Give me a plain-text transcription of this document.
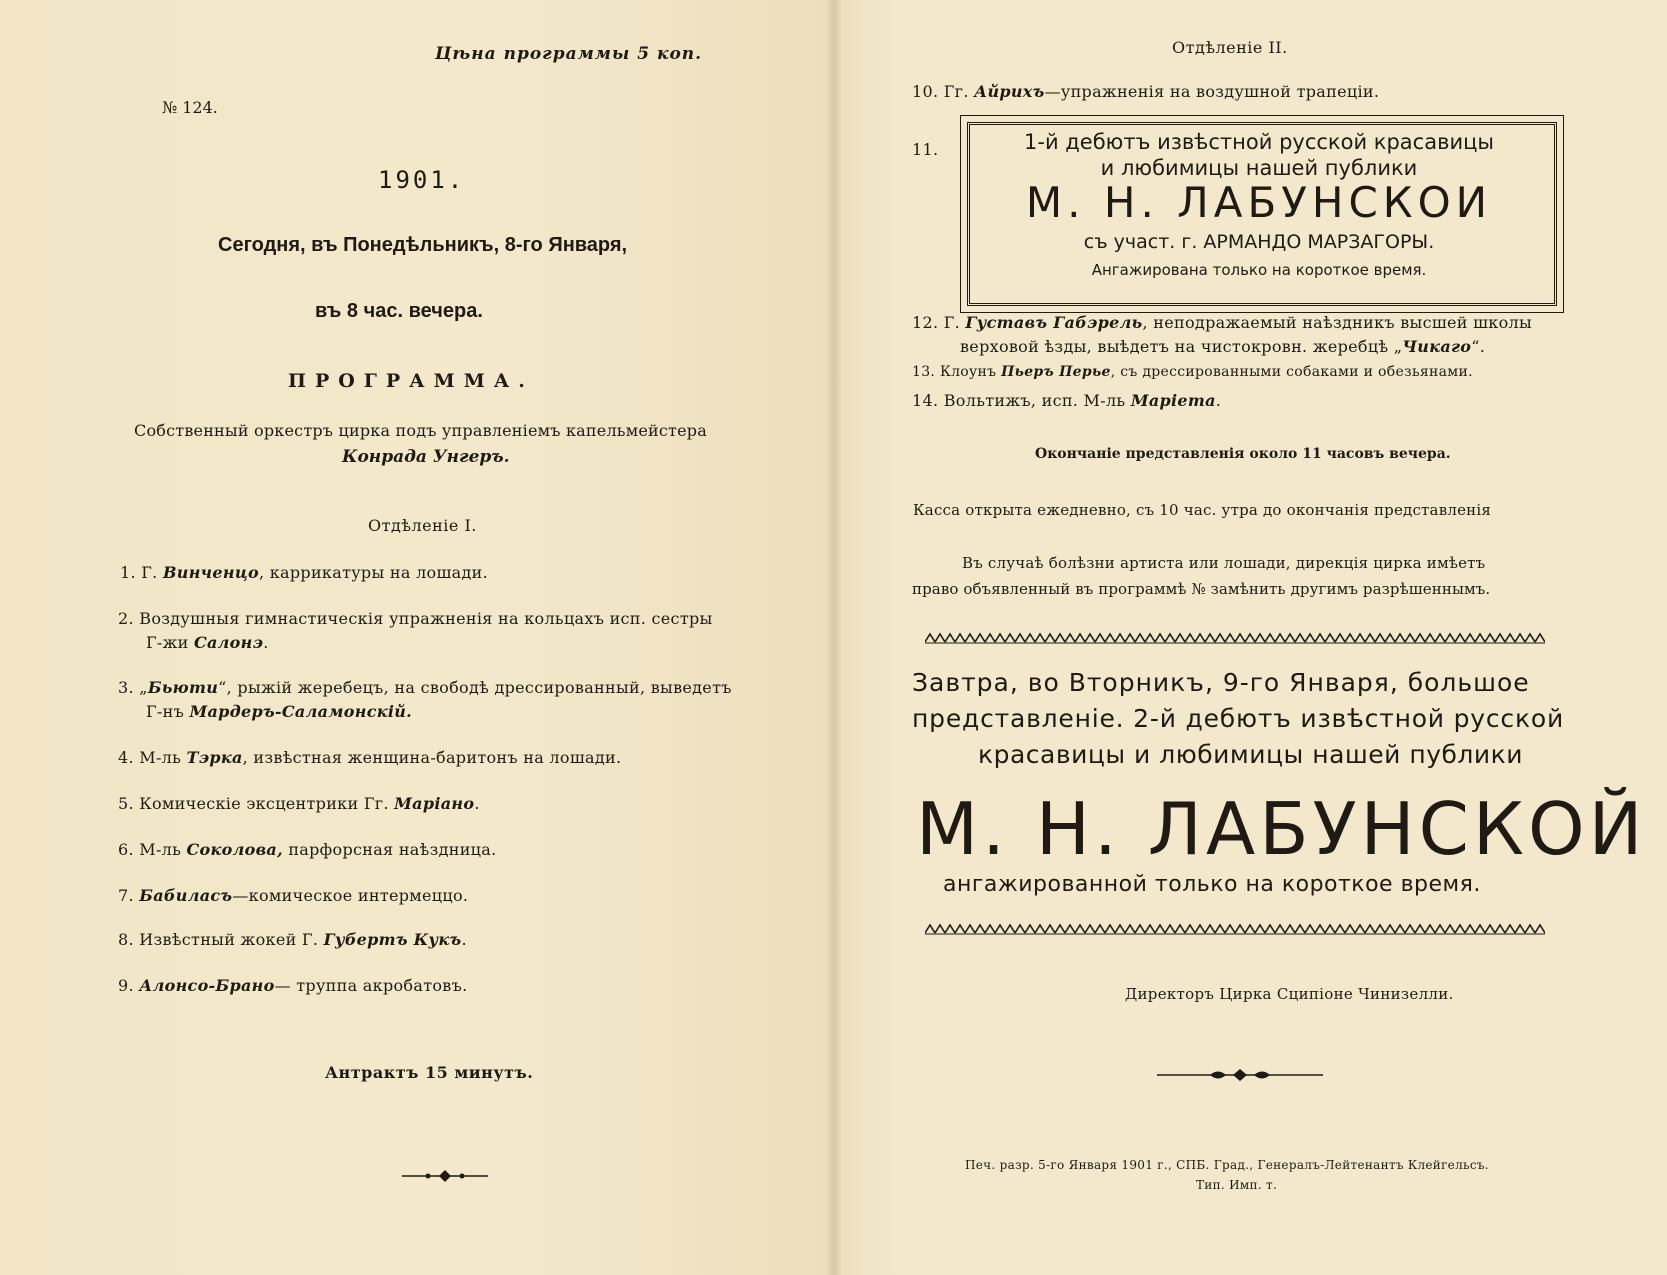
Цѣна программы 5 коп.
№ 124.
1901.
Сегодня, въ Понедѣльникъ, 8-го Января,
въ 8 час. вечера.
ПРОГРАММА.
Собственный оркестръ цирка подъ управленіемъ капельмейстера
Конрада Унгеръ.
Отдѣленіе I.
1. Г. Винченцо, каррикатуры на лошади.
2. Воздушныя гимнастическія упражненія на кольцахъ исп. сестры
Г-жи Салонэ.
3. „Бьюти“, рыжій жеребецъ, на свободѣ дрессированный, выведетъ
Г-нъ Мардеръ-Саламонскій.
4. М-ль Тэрка, извѣстная женщина-баритонъ на лошади.
5. Комическіе эксцентрики Гг. Маріано.
6. М-ль Соколова, парфорсная наѣздница.
7. Бабиласъ—комическое интермеццо.
8. Извѣстный жокей Г. Губертъ Кукъ.
9. Алонсо-Брано— труппа акробатовъ.
Антрактъ 15 минутъ.
Отдѣленіе II.
10. Гг. Айрихъ—упражненія на воздушной трапеціи.
11.	1-й дебютъ извѣстной русской красавицы
и любимицы нашей публики
М. Н. ЛАБУНСКОИ
съ участ. г. АРМАНДО МАРЗАГОРЫ.
Ангажирована только на короткое время.
12. Г. Густавъ Габэрель, неподражаемый наѣздникъ высшей школы
верховой ѣзды, выѣдетъ на чистокровн. жеребцѣ „Чикаго“.
13. Клоунъ Пьеръ Перье, съ дрессированными собаками и обезьянами.
14. Вольтижъ, исп. М-ль Маріета.
Окончаніе представленія около 11 часовъ вечера.
Касса открыта ежедневно, съ 10 час. утра до окончанія представленія
Въ случаѣ болѣзни артиста или лошади, дирекція цирка имѣетъ
право объявленный въ программѣ № замѣнить другимъ разрѣшеннымъ.
Завтра, во Вторникъ, 9-го Января, большое
представленіе. 2-й дебютъ извѣстной русской
красавицы и любимицы нашей публики
М. Н. ЛАБУНСКОЙ
ангажированной только на короткое время.
Директоръ Цирка Сципіоне Чинизелли.
Печ. разр. 5-го Января 1901 г., СПБ. Град., Генералъ-Лейтенантъ Клейгельсъ.
Тип. Имп. т.
